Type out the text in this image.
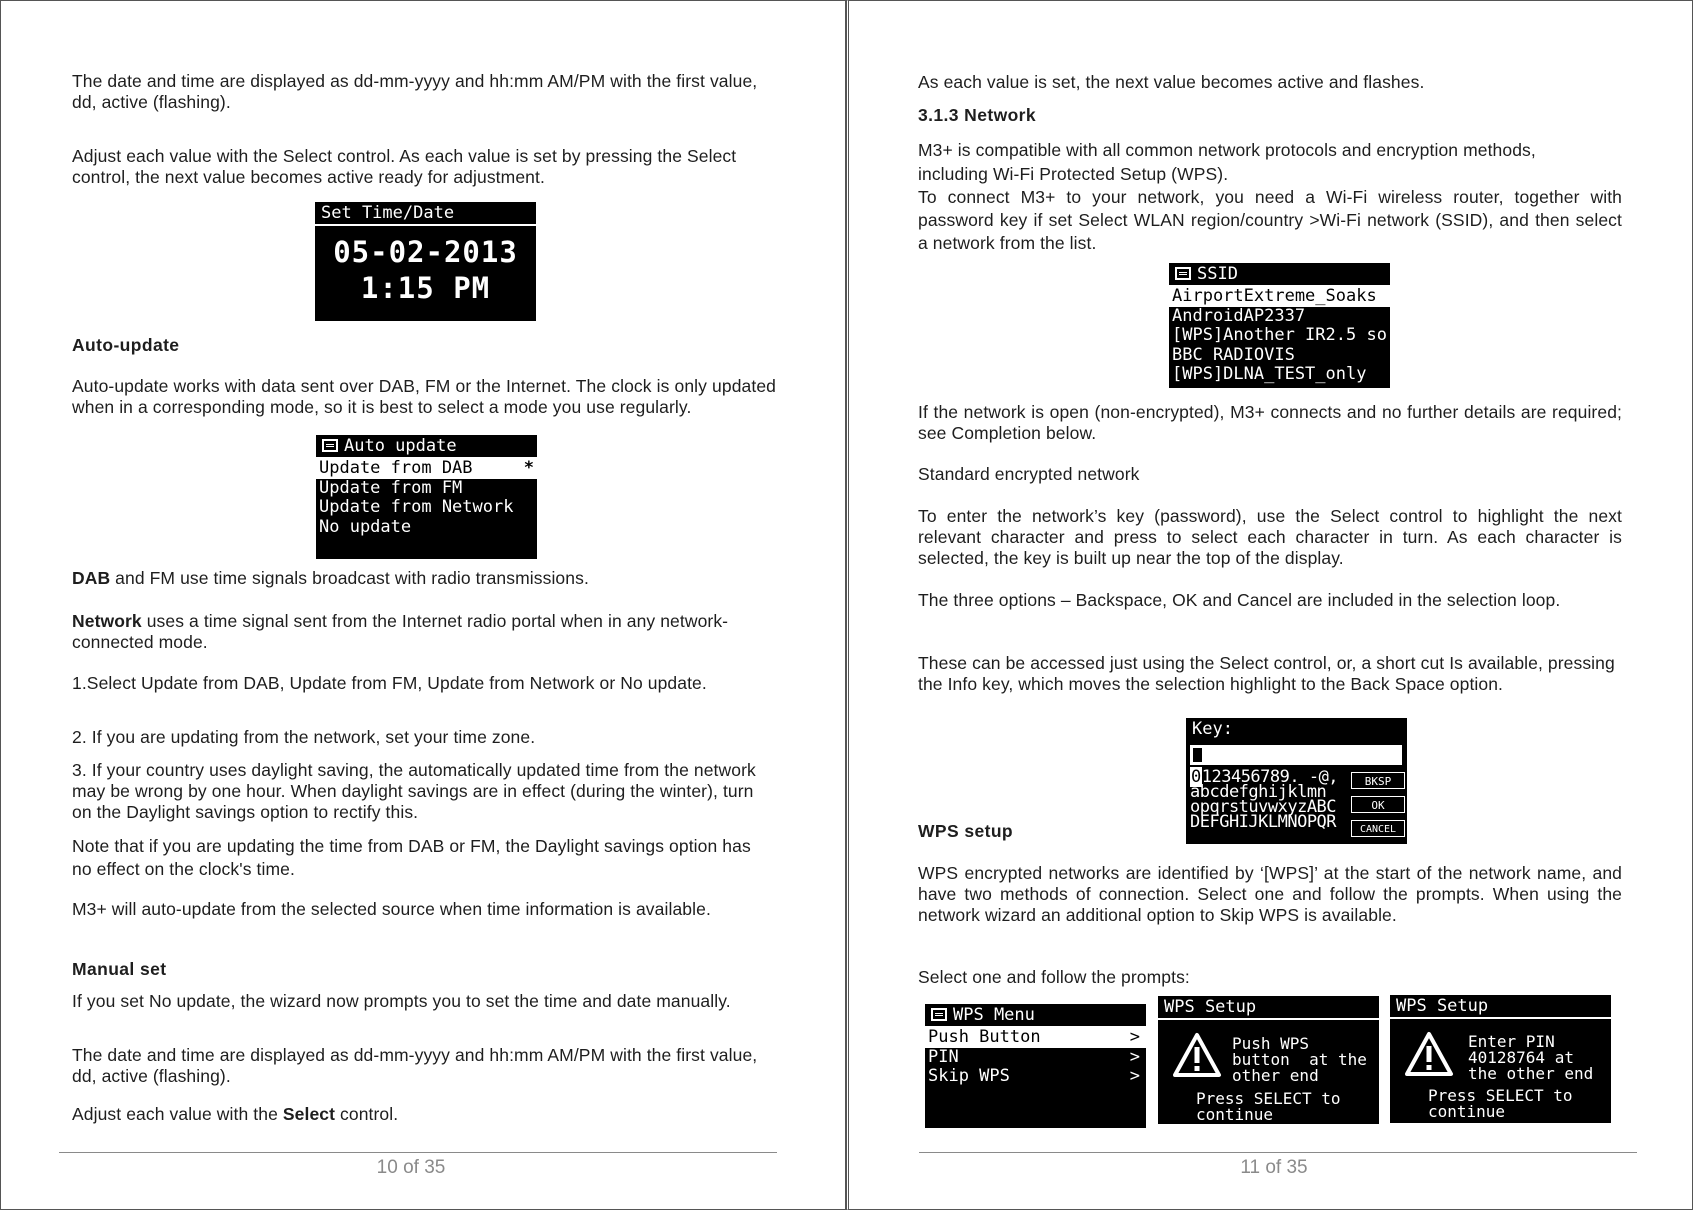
The date and time are displayed as dd-mm-yyyy and hh:mm AM/PM with the first value, dd, active (flashing).

Adjust each value with the Select control. As each value is set by pressing the Select control, the next value becomes active ready for adjustment.

Set Time/Date
05-02-2013
1:15 PM

Auto-update

Auto-update works with data sent over DAB, FM or the Internet. The clock is only updated when in a corresponding mode, so it is best to select a mode you use regularly.

Auto update
Update from DAB	*
Update from FM
Update from Network
No update

DAB and FM use time signals broadcast with radio transmissions.

Network uses a time signal sent from the Internet radio portal when in any network-connected mode.

1.Select Update from DAB, Update from FM, Update from Network or No update.

2. If you are updating from the network, set your time zone.

3. If your country uses daylight saving, the automatically updated time from the network may be wrong by one hour. When daylight savings are in effect (during the winter), turn on the Daylight savings option to rectify this.

Note that if you are updating the time from DAB or FM, the Daylight savings option has no effect on the clock's time.

M3+ will auto-update from the selected source when time information is available.

Manual set

If you set No update, the wizard now prompts you to set the time and date manually.

The date and time are displayed as dd-mm-yyyy and hh:mm AM/PM with the first value, dd, active (flashing).

Adjust each value with the Select control.

10 of 35

As each value is set, the next value becomes active and flashes.

3.1.3 Network

M3+ is compatible with all common network protocols and encryption methods, including Wi-Fi Protected Setup (WPS).

To connect M3+ to your network, you need a Wi-Fi wireless router, together with password key if set Select WLAN region/country >Wi-Fi network (SSID), and then select a network from the list.

SSID
AirportExtreme_Soaks
AndroidAP2337
[WPS]Another IR2.5 so...
BBC RADIOVIS
[WPS]DLNA_TEST_only

If the network is open (non-encrypted), M3+ connects and no further details are required; see Completion below.

Standard encrypted network

To enter the network’s key (password), use the Select control to highlight the next relevant character and press to select each character in turn. As each character is selected, the key is built up near the top of the display.

The three options – Backspace, OK and Cancel are included in the selection loop.

These can be accessed just using the Select control, or, a short cut Is available, pressing the Info key, which moves the selection highlight to the Back Space option.

Key:
0123456789. -@,
abcdefghijklmn
opqrstuvwxyzABC
DEFGHIJKLMNOPQR
BKSP
OK
CANCEL

WPS setup

WPS encrypted networks are identified by ‘[WPS]’ at the start of the network name, and have two methods of connection. Select one and follow the prompts. When using the network wizard an additional option to Skip WPS is available.

Select one and follow the prompts:

WPS Menu
Push Button	>
PIN	>
Skip WPS	>
WPS Setup
Push WPS
button  at the
other end
Press SELECT to
continue
WPS Setup
Enter PIN
40128764 at
the other end
Press SELECT to
continue
11 of 35
